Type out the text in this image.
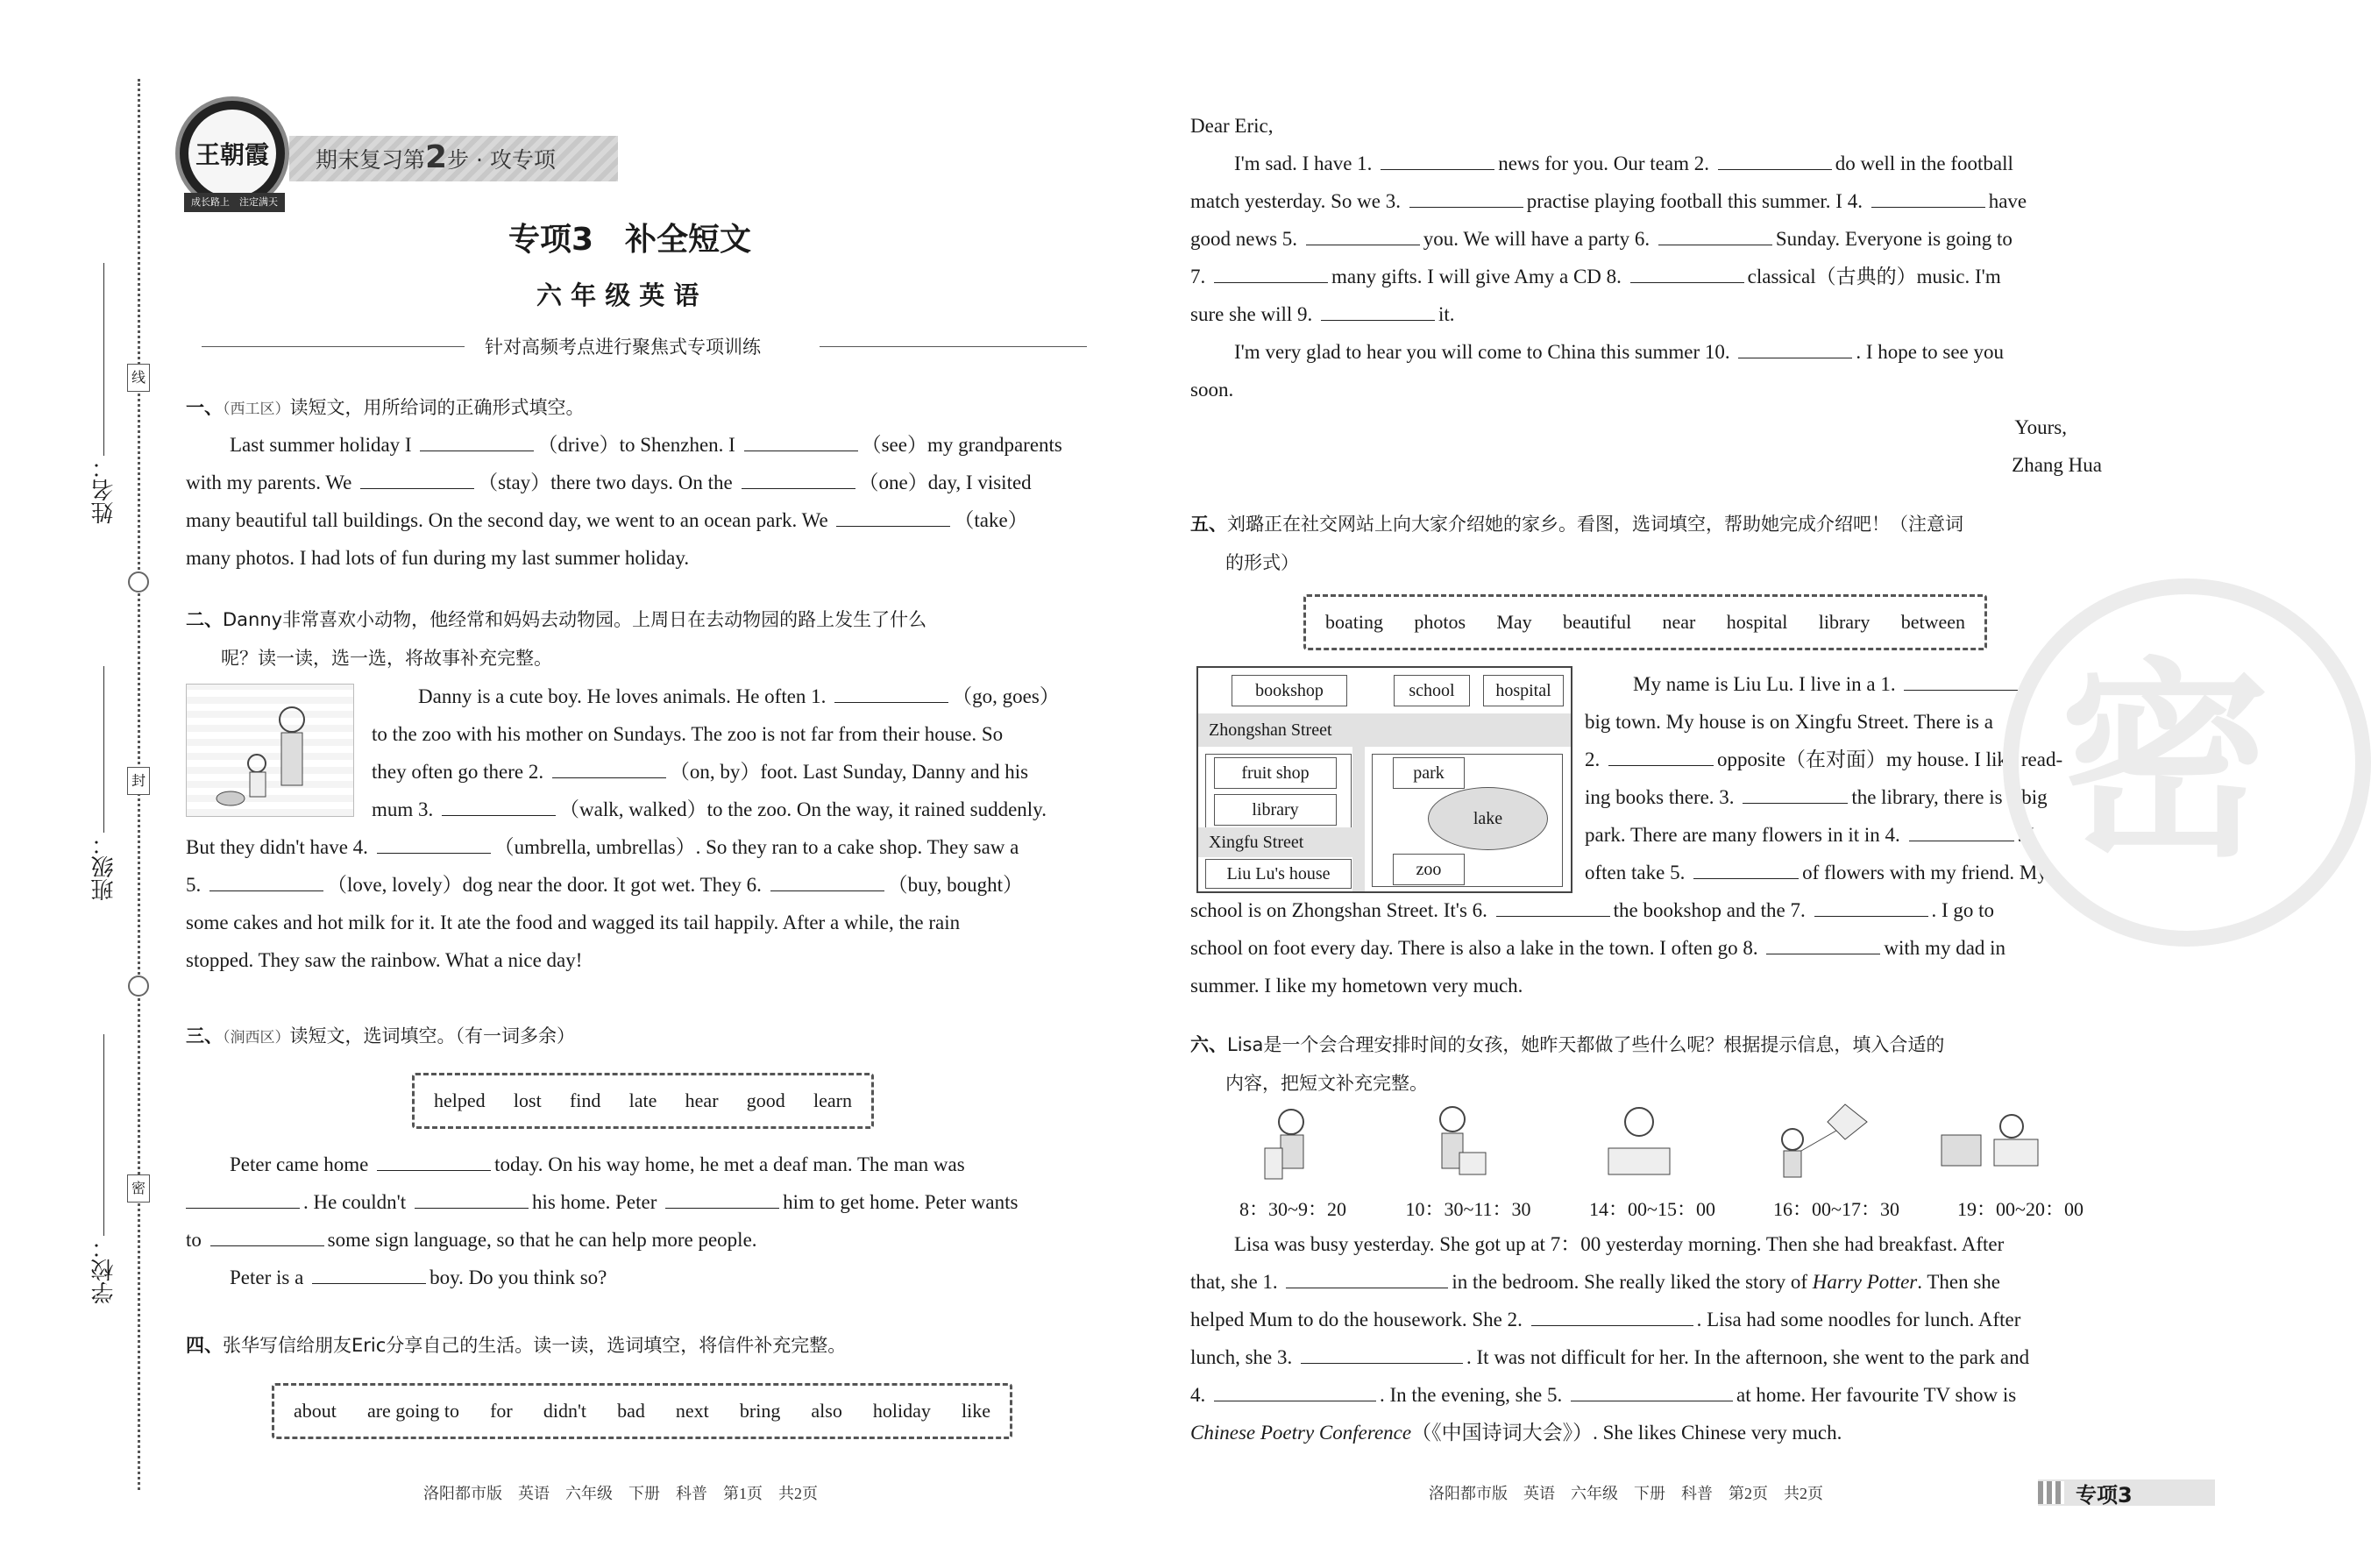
姓名：
班级：
学校：
线
封
密
王朝霞
成长路上　 注定满天
期末复习第2步 · 攻专项
专项3　补全短文
六 年 级 英 语
针对高频考点进行聚焦式专项训练
一、（西工区）读短文，用所给词的正确形式填空。
Last summer holiday I	（drive）to Shenzhen. I	（see）my grandparents
with my parents. We	（stay）there two days. On the	（one）day, I visited
many beautiful tall buildings. On the second day, we went to an ocean park. We	（take）
many photos. I had lots of fun during my last summer holiday.
二、Danny非常喜欢小动物，他经常和妈妈去动物园。上周日在去动物园的路上发生了什么
呢？读一读，选一选，将故事补充完整。
Danny is a cute boy. He loves animals. He often 1.	（go, goes）
to the zoo with his mother on Sundays. The zoo is not far from their house. So
they often go there 2.	（on, by）foot. Last Sunday, Danny and his
mum 3.	（walk, walked）to the zoo. On the way, it rained suddenly.
But they didn't have 4.	（umbrella, umbrellas）. So they ran to a cake shop. They saw a
5.	（love, lovely）dog near the door. It got wet. They 6.	（buy, bought）
some cakes and hot milk for it. It ate the food and wagged its tail happily. After a while, the rain
stopped. They saw the rainbow. What a nice day!
三、（涧西区）读短文，选词填空。（有一词多余）
helped lost find late hear good learn
Peter came home	today. On his way home, he met a deaf man. The man was
. He couldn't	his home. Peter	him to get home. Peter wants
to	some sign language, so that he can help more people.
Peter is a	boy. Do you think so?
四、张华写信给朋友Eric分享自己的生活。读一读，选词填空，将信件补充完整。
about are going to for didn't bad next bring also holiday like
洛阳都市版　英语　六年级　下册　科普　第1页　共2页
Dear Eric,
I'm sad. I have 1.	news for you. Our team 2.	do well in the football
match yesterday. So we 3.	practise playing football this summer. I 4.	have
good news 5.	you. We will have a party 6.	Sunday. Everyone is going to
7.	many gifts. I will give Amy a CD 8.	classical（古典的）music. I'm
sure she will 9.	it.
I'm very glad to hear you will come to China this summer 10.	. I hope to see you
soon.
Yours,
Zhang Hua
五、刘璐正在社交网站上向大家介绍她的家乡。看图，选词填空，帮助她完成介绍吧！（注意词
的形式）
boating photos May beautiful near hospital library between
bookshop	school	hospital
Zhongshan Street
fruit shop
library
park
lake
zoo
Xingfu Street
Liu Lu's house
My name is Liu Lu. I live in a 1.
big town. My house is on Xingfu Street. There is a
2.	opposite（在对面）my house. I like read-
ing books there. 3.	the library, there is a big
park. There are many flowers in it in 4.	. I
often take 5.	of flowers with my friend. My
school is on Zhongshan Street. It's 6.	the bookshop and the 7.	. I go to
school on foot every day. There is also a lake in the town. I often go 8.	with my dad in
summer. I like my hometown very much.
密
六、Lisa是一个会合理安排时间的女孩，她昨天都做了些什么呢？根据提示信息，填入合适的
内容，把短文补充完整。
8：30~9：20	10：30~11：30	14：00~15：00	16：00~17：30	19：00~20：00
Lisa was busy yesterday. She got up at 7：00 yesterday morning. Then she had breakfast. After
that, she 1.	in the bedroom. She really liked the story of Harry Potter. Then she
helped Mum to do the housework. She 2.	. Lisa had some noodles for lunch. After
lunch, she 3.	. It was not difficult for her. In the afternoon, she went to the park and
4.	. In the evening, she 5.	at home. Her favourite TV show is
Chinese Poetry Conference（《中国诗词大会》）. She likes Chinese very much.
洛阳都市版　英语　六年级　下册　科普　第2页　共2页	专项3
